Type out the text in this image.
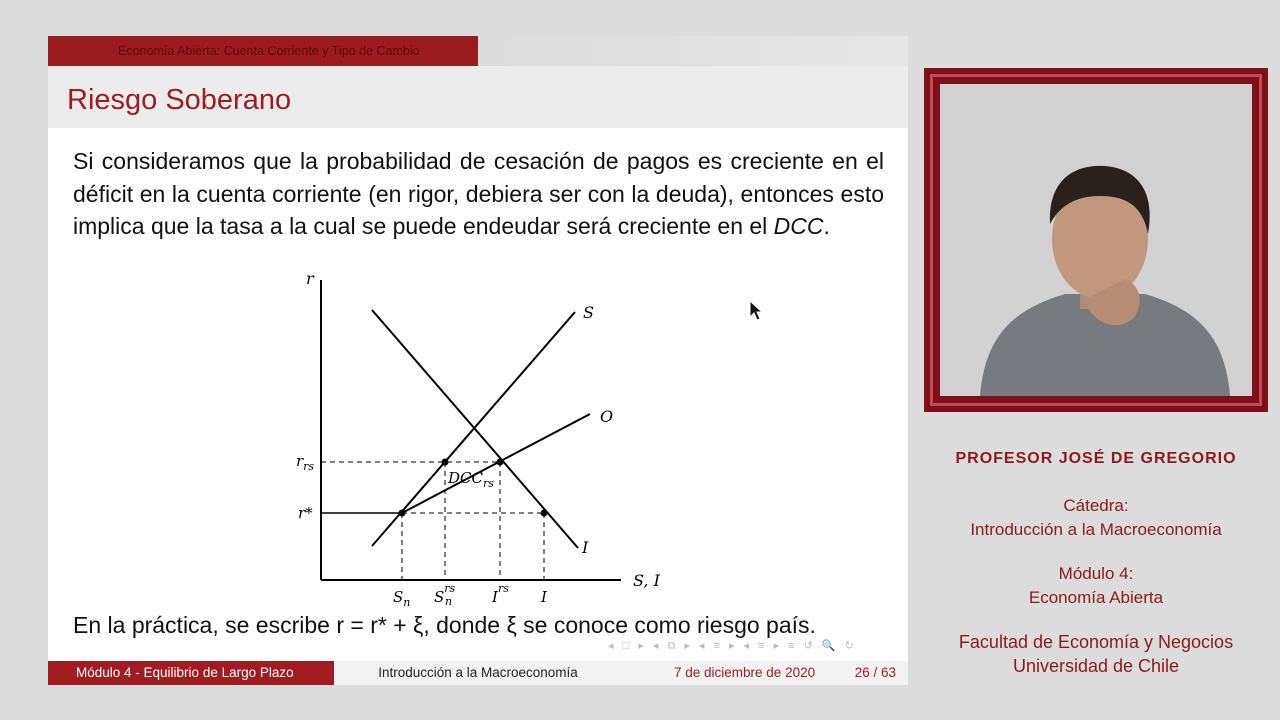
Economía Abierta: Cuenta Corriente y Tipo de Cambio
Riesgo Soberano

Si consideramos que la probabilidad de cesación de pagos es creciente en el déficit en la cuenta corriente (en rigor, debiera ser con la deuda), entonces esto implica que la tasa a la cual se puede endeudar será creciente en el DCC.

r
S, I
S
O
I
$r_{rs}$
r*
$DCC_{rs}$
$S_n$ $S^{rs}$ n	$I^{rs}$ I

En la práctica, se escribe r = r* + ξ, donde ξ se conoce como riesgo país.

◂ □ ▸ ◂ ⧉ ▸ ◂ ≡ ▸ ◂ ≡ ▸ ≡ ↺ 🔍 ↻
Módulo 4 - Equilibrio de Largo Plazo	Introducción a la Macroeconomía	7 de diciembre de 2020	26 / 63
PROFESOR JOSÉ DE GREGORIO
Cátedra:
Introducción a la Macroeconomía
Módulo 4:
Economía Abierta
Facultad de Economía y Negocios
Universidad de Chile
